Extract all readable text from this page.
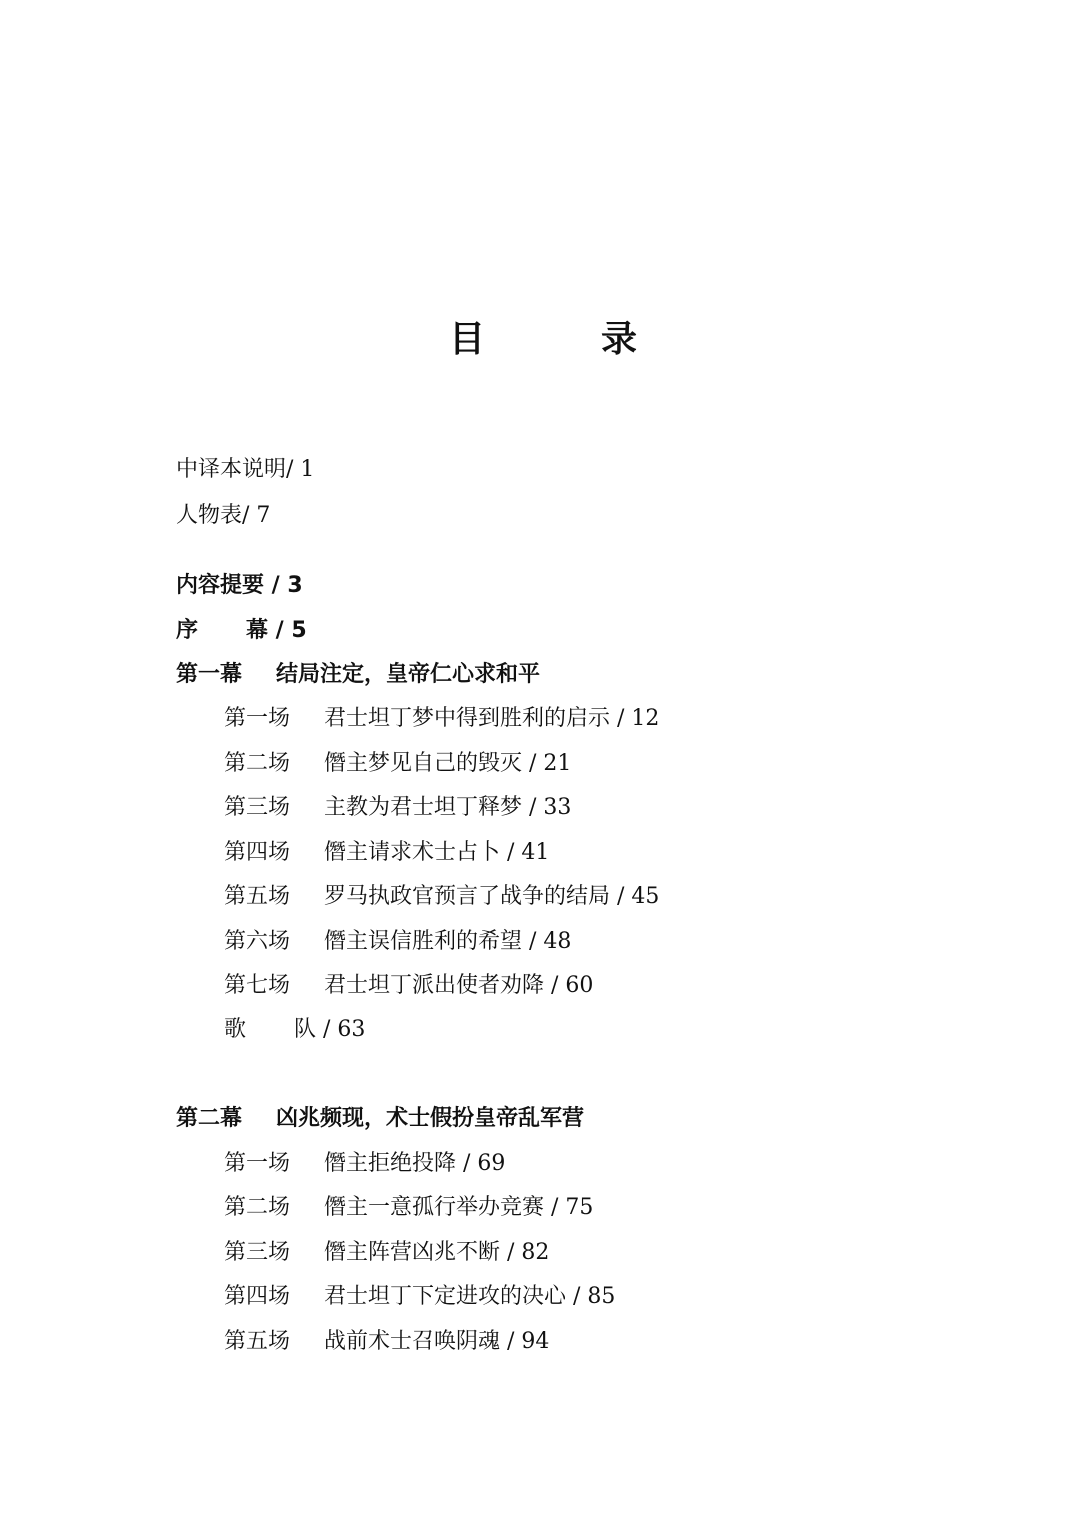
目　录
中译本说明/ 1
人物表/ 7
内容提要 / 3
序 幕 / 5
第一幕 结局注定，皇帝仁心求和平
第一场 君士坦丁梦中得到胜利的启示 / 12
第二场 僭主梦见自己的毁灭 / 21
第三场 主教为君士坦丁释梦 / 33
第四场 僭主请求术士占卜 / 41
第五场 罗马执政官预言了战争的结局 / 45
第六场 僭主误信胜利的希望 / 48
第七场 君士坦丁派出使者劝降 / 60
歌 队 / 63
第二幕 凶兆频现，术士假扮皇帝乱军营
第一场 僭主拒绝投降 / 69
第二场 僭主一意孤行举办竞赛 / 75
第三场 僭主阵营凶兆不断 / 82
第四场 君士坦丁下定进攻的决心 / 85
第五场 战前术士召唤阴魂 / 94
